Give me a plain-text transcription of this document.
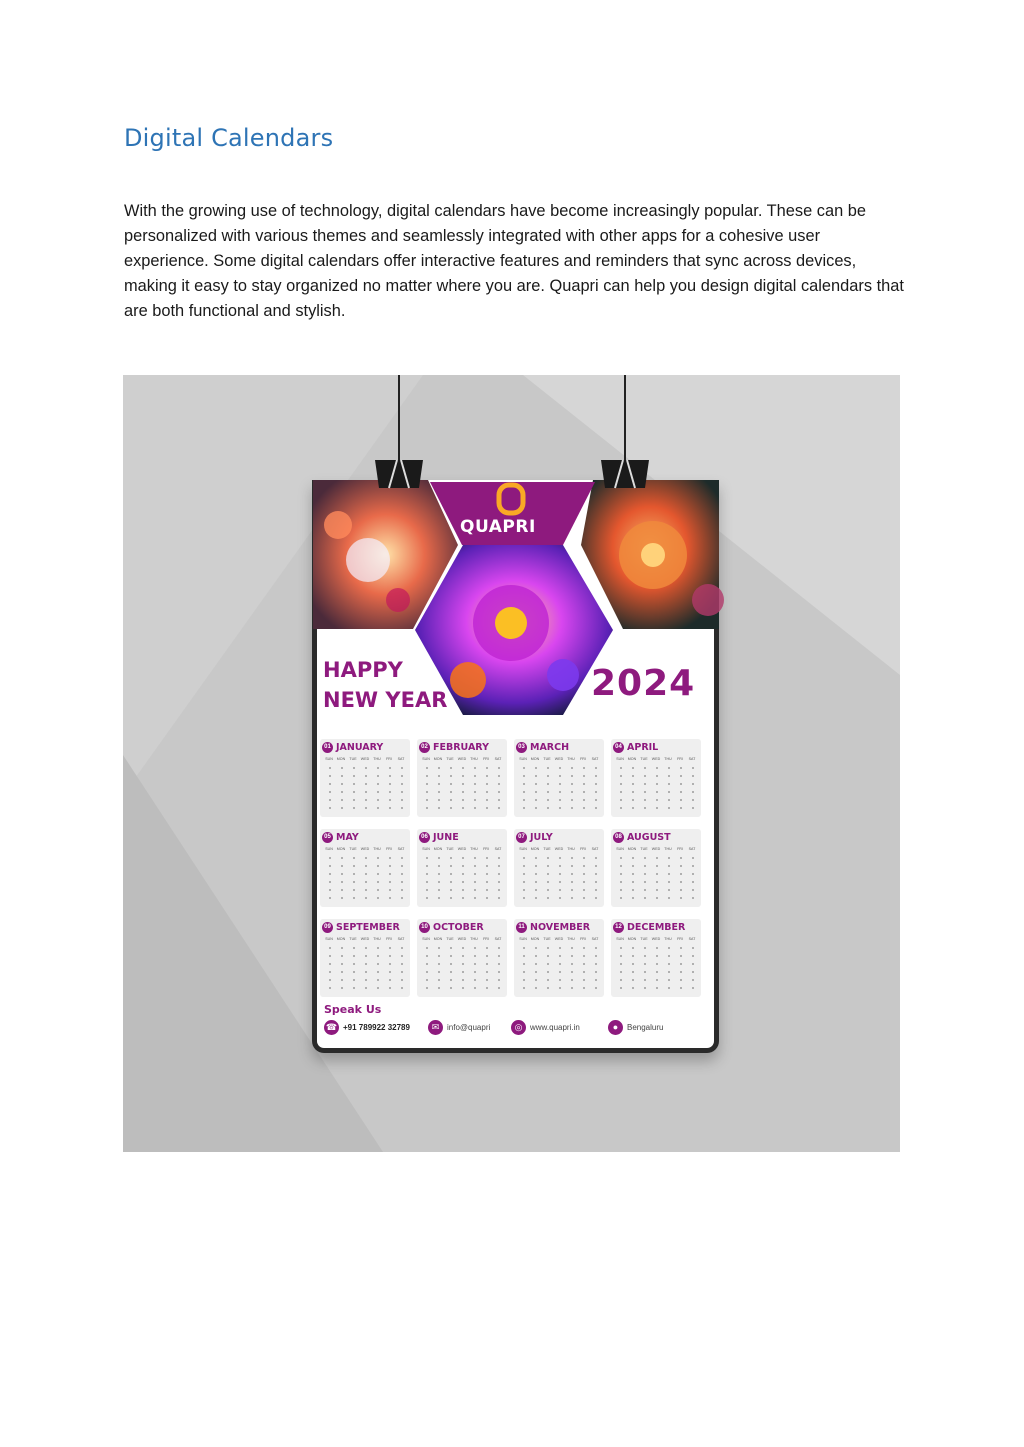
Digital Calendars

With the growing use of technology, digital calendars have become increasingly popular. These can be personalized with various themes and seamlessly integrated with other apps for a cohesive user experience. Some digital calendars offer interactive features and reminders that sync across devices, making it easy to stay organized no matter where you are. Quapri can help you design digital calendars that are both functional and stylish.

QUAPRI
HAPPY
NEW YEAR	2024
01 JANUARY
SUN	MON	TUE	WED	THU	FRI	SAT
02 FEBRUARY
SUN	MON	TUE	WED	THU	FRI	SAT
03 MARCH
SUN	MON	TUE	WED	THU	FRI	SAT
04 APRIL
SUN	MON	TUE	WED	THU	FRI	SAT
05 MAY
SUN	MON	TUE	WED	THU	FRI	SAT
06 JUNE
SUN	MON	TUE	WED	THU	FRI	SAT
07 JULY
SUN	MON	TUE	WED	THU	FRI	SAT
08 AUGUST
SUN	MON	TUE	WED	THU	FRI	SAT
09 SEPTEMBER
SUN	MON	TUE	WED	THU	FRI	SAT
10 OCTOBER
SUN	MON	TUE	WED	THU	FRI	SAT
11 NOVEMBER
SUN	MON	TUE	WED	THU	FRI	SAT
12 DECEMBER
SUN	MON	TUE	WED	THU	FRI	SAT
Speak Us
☎ +91 789922 32789	✉ info@quapri	◎ www.quapri.in	●	Bengaluru
